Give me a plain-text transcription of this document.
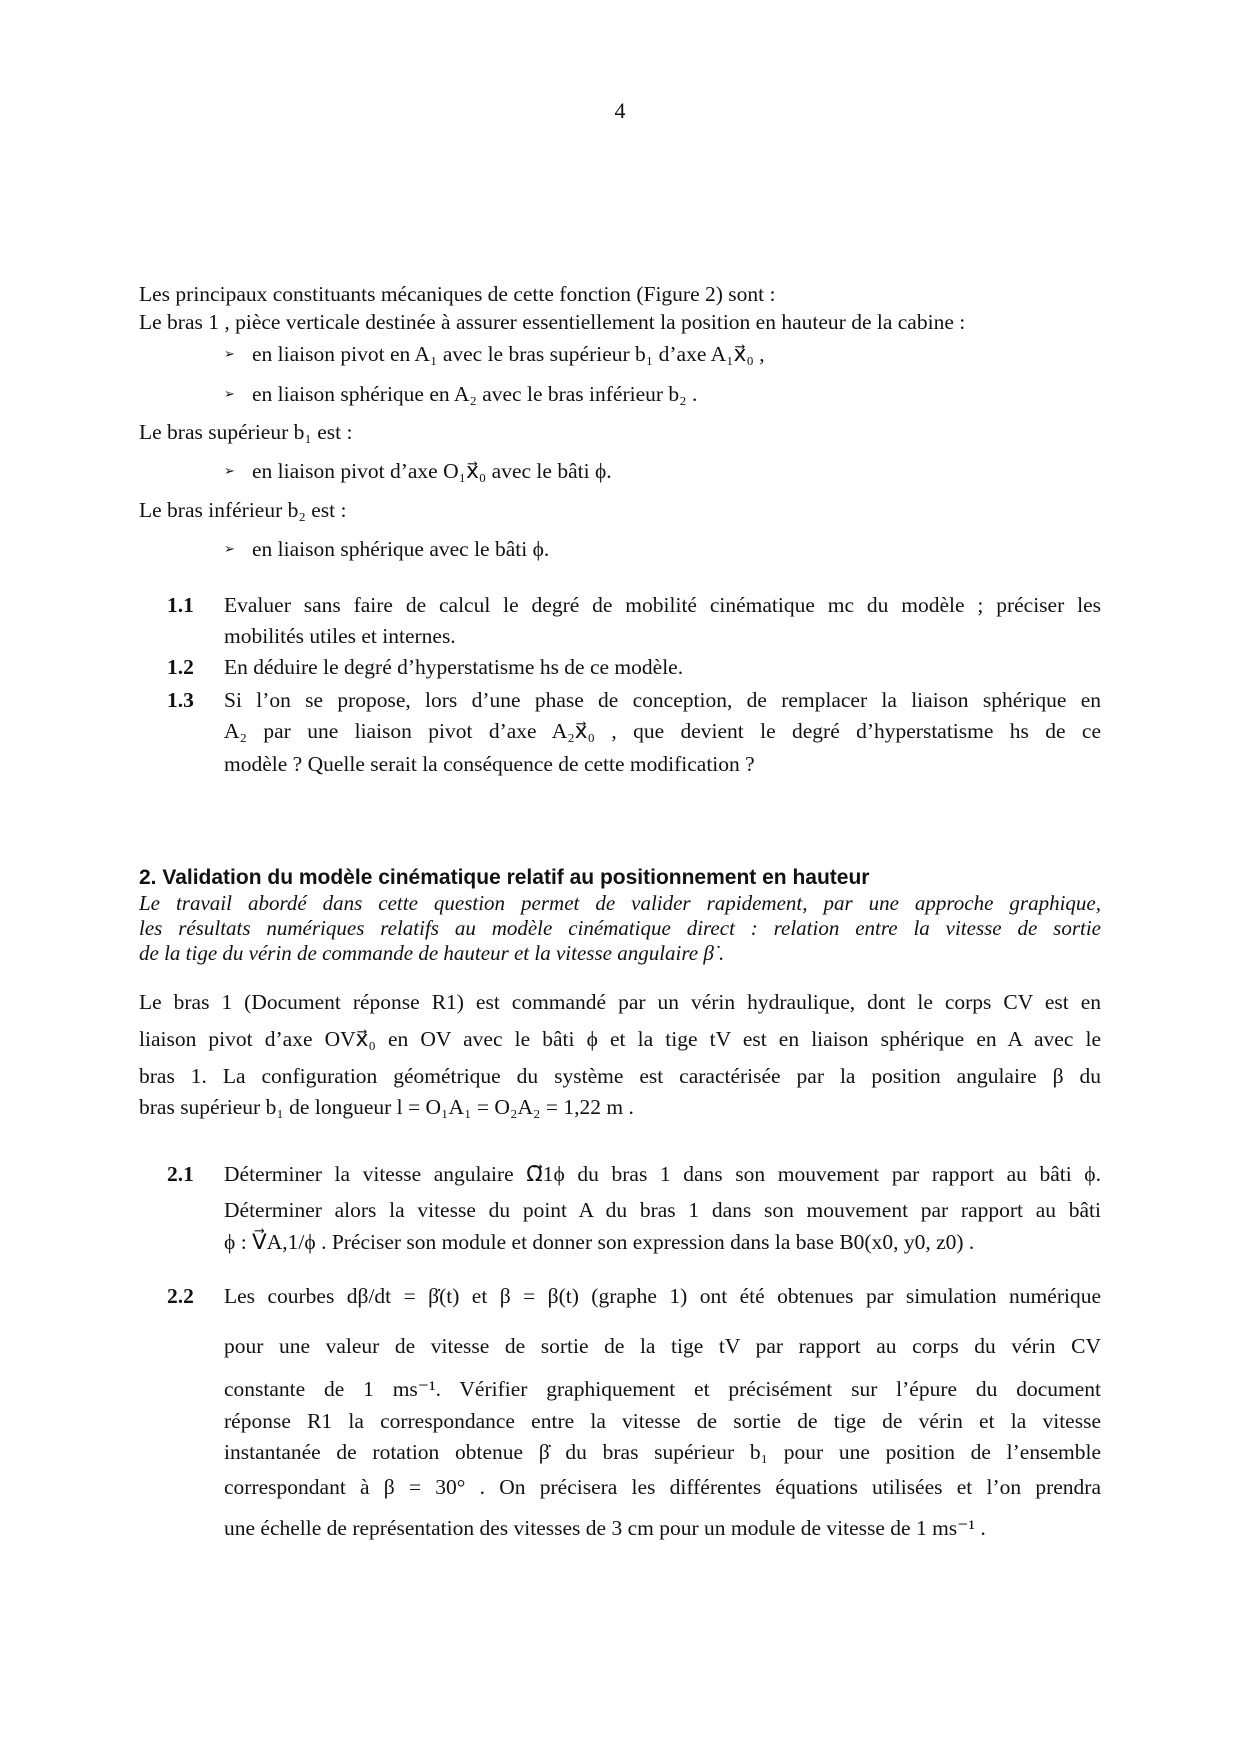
4
Les principaux constituants mécaniques de cette fonction (Figure 2) sont :
Le bras 1 , pièce verticale destinée à assurer essentiellement la position en hauteur de la cabine :
➢ en liaison pivot en A₁ avec le bras supérieur b₁ d’axe A₁x⃗₀ ,
➢ en liaison sphérique en A₂ avec le bras inférieur b₂ .
Le bras supérieur b₁ est :
➢ en liaison pivot d’axe O₁x⃗₀ avec le bâti ϕ.
Le bras inférieur b₂ est :
➢ en liaison sphérique avec le bâti ϕ.
1.1 Evaluer sans faire de calcul le degré de mobilité cinématique mc du modèle ; préciser les
mobilités utiles et internes.
1.2 En déduire le degré d’hyperstatisme hs de ce modèle.
1.3 Si l’on se propose, lors d’une phase de conception, de remplacer la liaison sphérique en
A₂ par une liaison pivot d’axe A₂x⃗₀ , que devient le degré d’hyperstatisme hs de ce
modèle ? Quelle serait la conséquence de cette modification ?
2. Validation du modèle cinématique relatif au positionnement en hauteur
Le travail abordé dans cette question permet de valider rapidement, par une approche graphique,
les résultats numériques relatifs au modèle cinématique direct : relation entre la vitesse de sortie
de la tige du vérin de commande de hauteur et la vitesse angulaire β̇ .
Le bras 1 (Document réponse R1) est commandé par un vérin hydraulique, dont le corps CV est en
liaison pivot d’axe OVx⃗₀ en OV avec le bâti ϕ et la tige tV est en liaison sphérique en A avec le
bras 1. La configuration géométrique du système est caractérisée par la position angulaire β du
bras supérieur b₁ de longueur l = O₁A₁ = O₂A₂ = 1,22 m .
2.1 Déterminer la vitesse angulaire Ω⃗1ϕ du bras 1 dans son mouvement par rapport au bâti ϕ.
Déterminer alors la vitesse du point A du bras 1 dans son mouvement par rapport au bâti
ϕ : V⃗A,1/ϕ . Préciser son module et donner son expression dans la base B0(x0, y0, z0) .
2.2 Les courbes dβ/dt = β̇(t) et β = β(t) (graphe 1) ont été obtenues par simulation numérique
pour une valeur de vitesse de sortie de la tige tV par rapport au corps du vérin CV
constante de 1 ms⁻¹. Vérifier graphiquement et précisément sur l’épure du document
réponse R1 la correspondance entre la vitesse de sortie de tige de vérin et la vitesse
instantanée de rotation obtenue β̇ du bras supérieur b₁ pour une position de l’ensemble
correspondant à β = 30° . On précisera les différentes équations utilisées et l’on prendra
une échelle de représentation des vitesses de 3 cm pour un module de vitesse de 1 ms⁻¹ .
